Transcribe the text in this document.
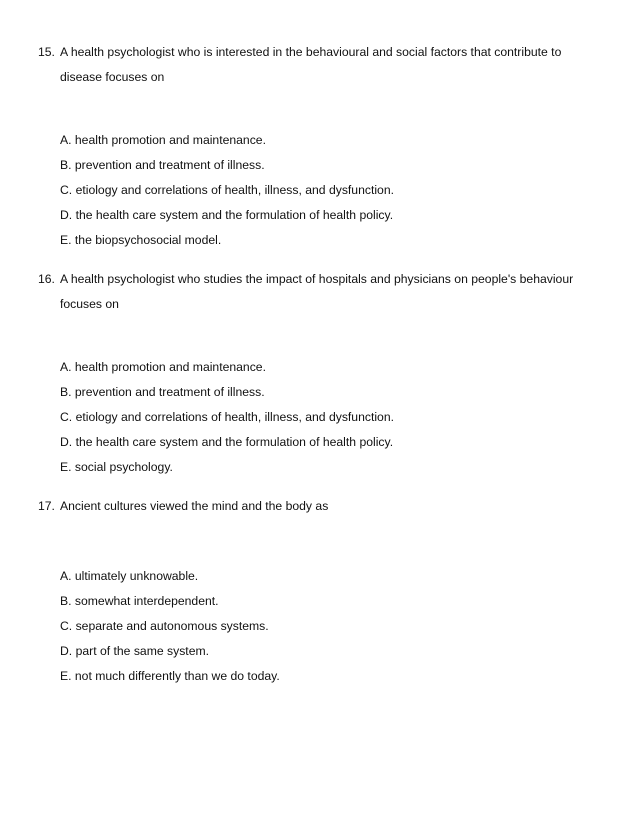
15. A health psychologist who is interested in the behavioural and social factors that contribute to disease focuses on
A. health promotion and maintenance.
B. prevention and treatment of illness.
C. etiology and correlations of health, illness, and dysfunction.
D. the health care system and the formulation of health policy.
E. the biopsychosocial model.
16. A health psychologist who studies the impact of hospitals and physicians on people's behaviour focuses on
A. health promotion and maintenance.
B. prevention and treatment of illness.
C. etiology and correlations of health, illness, and dysfunction.
D. the health care system and the formulation of health policy.
E. social psychology.
17. Ancient cultures viewed the mind and the body as
A. ultimately unknowable.
B. somewhat interdependent.
C. separate and autonomous systems.
D. part of the same system.
E. not much differently than we do today.
